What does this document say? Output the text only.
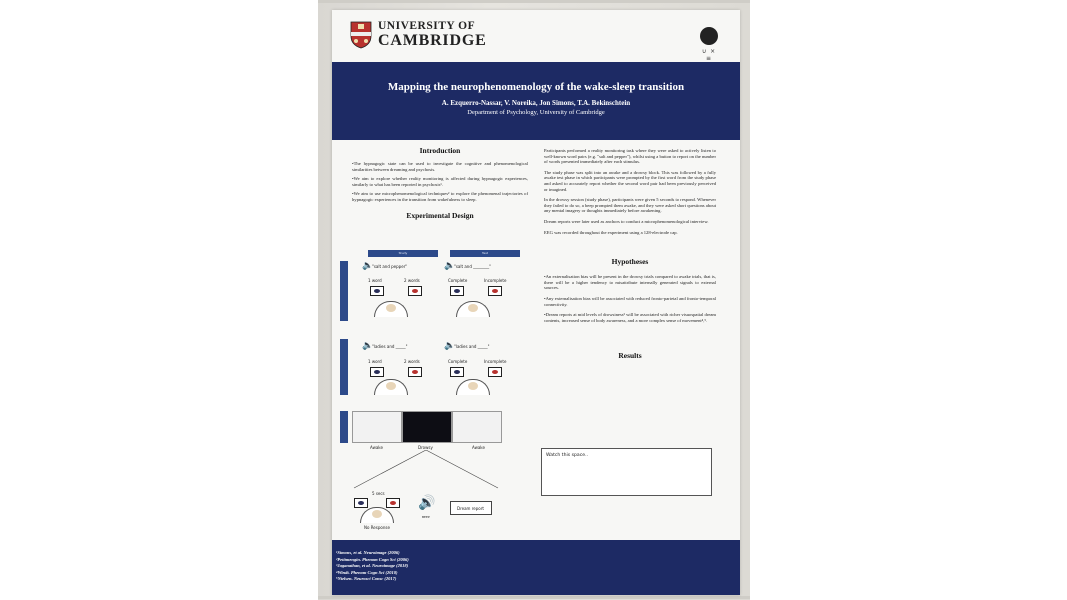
UNIVERSITY OF
CAMBRIDGE
∪ × ≡
Mapping the neurophenomenology of the wake-sleep transition
A. Ezquerro-Nassar, V. Noreika, Jon Simons, T.A. Bekinschtein
Department of Psychology, University of Cambridge
Introduction
•The hypnagogic state can be used to investigate the cognitive and phenomenological similarities between dreaming and psychosis.
•We aim to explore whether reality monitoring is affected during hypnagogic experiences, similarly to what has been reported in psychosis¹.
•We aim to use microphenomenological techniques² to explore the phenomenal trajectories of hypnagogic experiences in the transition from wakefulness to sleep.
Experimental Design
Study	Test
🔈
"salt and pepper"	🔈
"salt and ________"
1 word	2 words	Complete	Incomplete
🔈
"ladies and _____"	🔈
"ladies and _____"
1 word	2 words	Complete	Incomplete
Awake	Drowsy	Awake
5 secs
No Response
🔊
BEEP
Dream report

Participants performed a reality monitoring task where they were asked to actively listen to well-known word pairs (e.g. "salt and pepper"), whilst using a button to report on the number of words presented immediately after each stimulus.

The study phase was split into an awake and a drowsy block. This was followed by a fully awake test phase in which participants were prompted by the first word from the study phase and asked to accurately report whether the second word pair had been previously perceived or imagined.

In the drowsy session (study phase), participants were given 5 seconds to respond. Whenever they failed to do so, a beep prompted them awake, and they were asked short questions about any mental imagery or thoughts immediately before awakening.

Dream reports were later used as anchors to conduct a microphenomenological interview.

EEG was recorded throughout the experiment using a 128-electrode cap.

Hypotheses

•An externalisation bias will be present in the drowsy trials compared to awake trials, that is, there will be a higher tendency to misattribute internally generated signals to external sources.

•Any externalisation bias will be associated with reduced fronto-parietal and fronto-temporal connectivity.

•Dream reports at mid levels of drowsiness³ will be associated with richer visuospatial dream contents, increased sense of body awareness, and a more complex sense of movement⁴,⁵.

Results
Watch this space..
¹Simons, et al. Neuroimage (2006)
²Petitmengin. Phenom Cogn Sci (2006)
³Jaganathan, et al. Neuroimage (2018)
⁴Windt. Phenom Cogn Sci (2010)
⁵Nielsen. Neurosci Consc (2017)
